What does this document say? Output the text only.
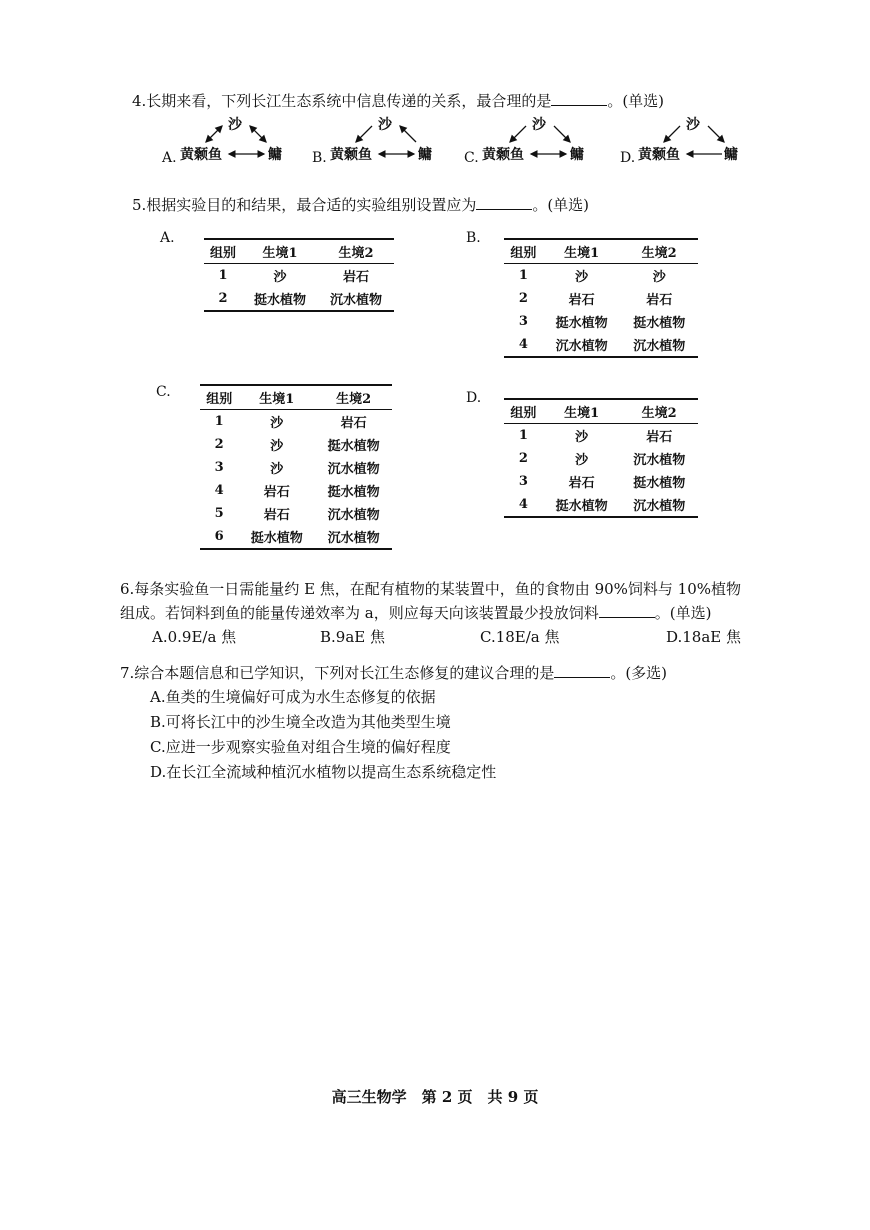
4.长期来看，下列长江生态系统中信息传递的关系，最合理的是	。(单选)
A.
沙
黄颡鱼	鳙 B.
沙
黄颡鱼	鳙 C.
沙
黄颡鱼	鳙	D.
沙
黄颡鱼	鳙
5.根据实验目的和结果，最合适的实验组别设置应为	。(单选)
A.
组别	生境1	生境2
1	沙	岩石
2	挺水植物	沉水植物
B.
组别	生境1	生境2
1	沙	沙
2	岩石	岩石
3	挺水植物	挺水植物
4	沉水植物	沉水植物
C.	组别	生境1	生境2
1	沙	岩石
2	沙	挺水植物
3	沙	沉水植物
4	岩石	挺水植物
5	岩石	沉水植物
6	挺水植物	沉水植物
D.
组别	生境1	生境2
1	沙	岩石
2	沙	沉水植物
3	岩石	挺水植物
4	挺水植物	沉水植物
6.每条实验鱼一日需能量约 E 焦，在配有植物的某装置中，鱼的食物由 90%饲料与 10%植物
组成。若饲料到鱼的能量传递效率为 a，则应每天向该装置最少投放饲料	。(单选)
A.0.9E/a 焦	B.9aE 焦	C.18E/a 焦	D.18aE 焦
7.综合本题信息和已学知识，下列对长江生态修复的建议合理的是	。(多选)
A.鱼类的生境偏好可成为水生态修复的依据
B.可将长江中的沙生境全改造为其他类型生境
C.应进一步观察实验鱼对组合生境的偏好程度
D.在长江全流域种植沉水植物以提高生态系统稳定性
高三生物学　第 2 页　共 9 页
